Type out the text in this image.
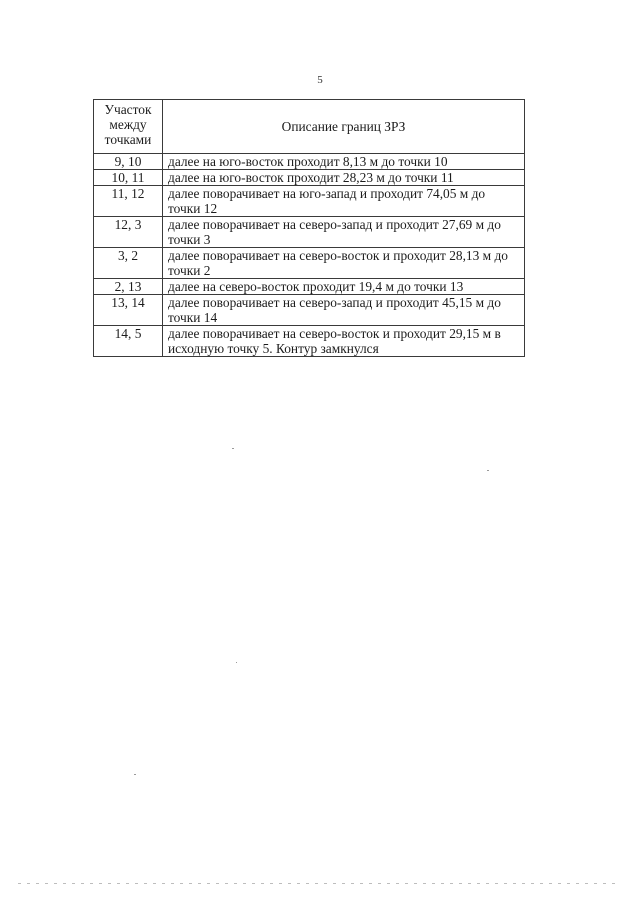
5
Участок между точками	Описание границ ЗРЗ
9, 10	далее на юго-восток проходит 8,13 м до точки 10
10, 11	далее на юго-восток проходит 28,23 м до точки 11
11, 12	далее поворачивает на юго-запад и проходит 74,05 м до точки 12
12, 3	далее поворачивает на северо-запад и проходит 27,69 м до точки 3
3, 2	далее поворачивает на северо-восток и проходит 28,13 м до точки 2
2, 13	далее на северо-восток проходит 19,4 м до точки 13
13, 14	далее поворачивает на северо-запад и проходит 45,15 м до точки 14
14, 5	далее поворачивает на северо-восток и проходит 29,15 м в исходную точку 5. Контур замкнулся
